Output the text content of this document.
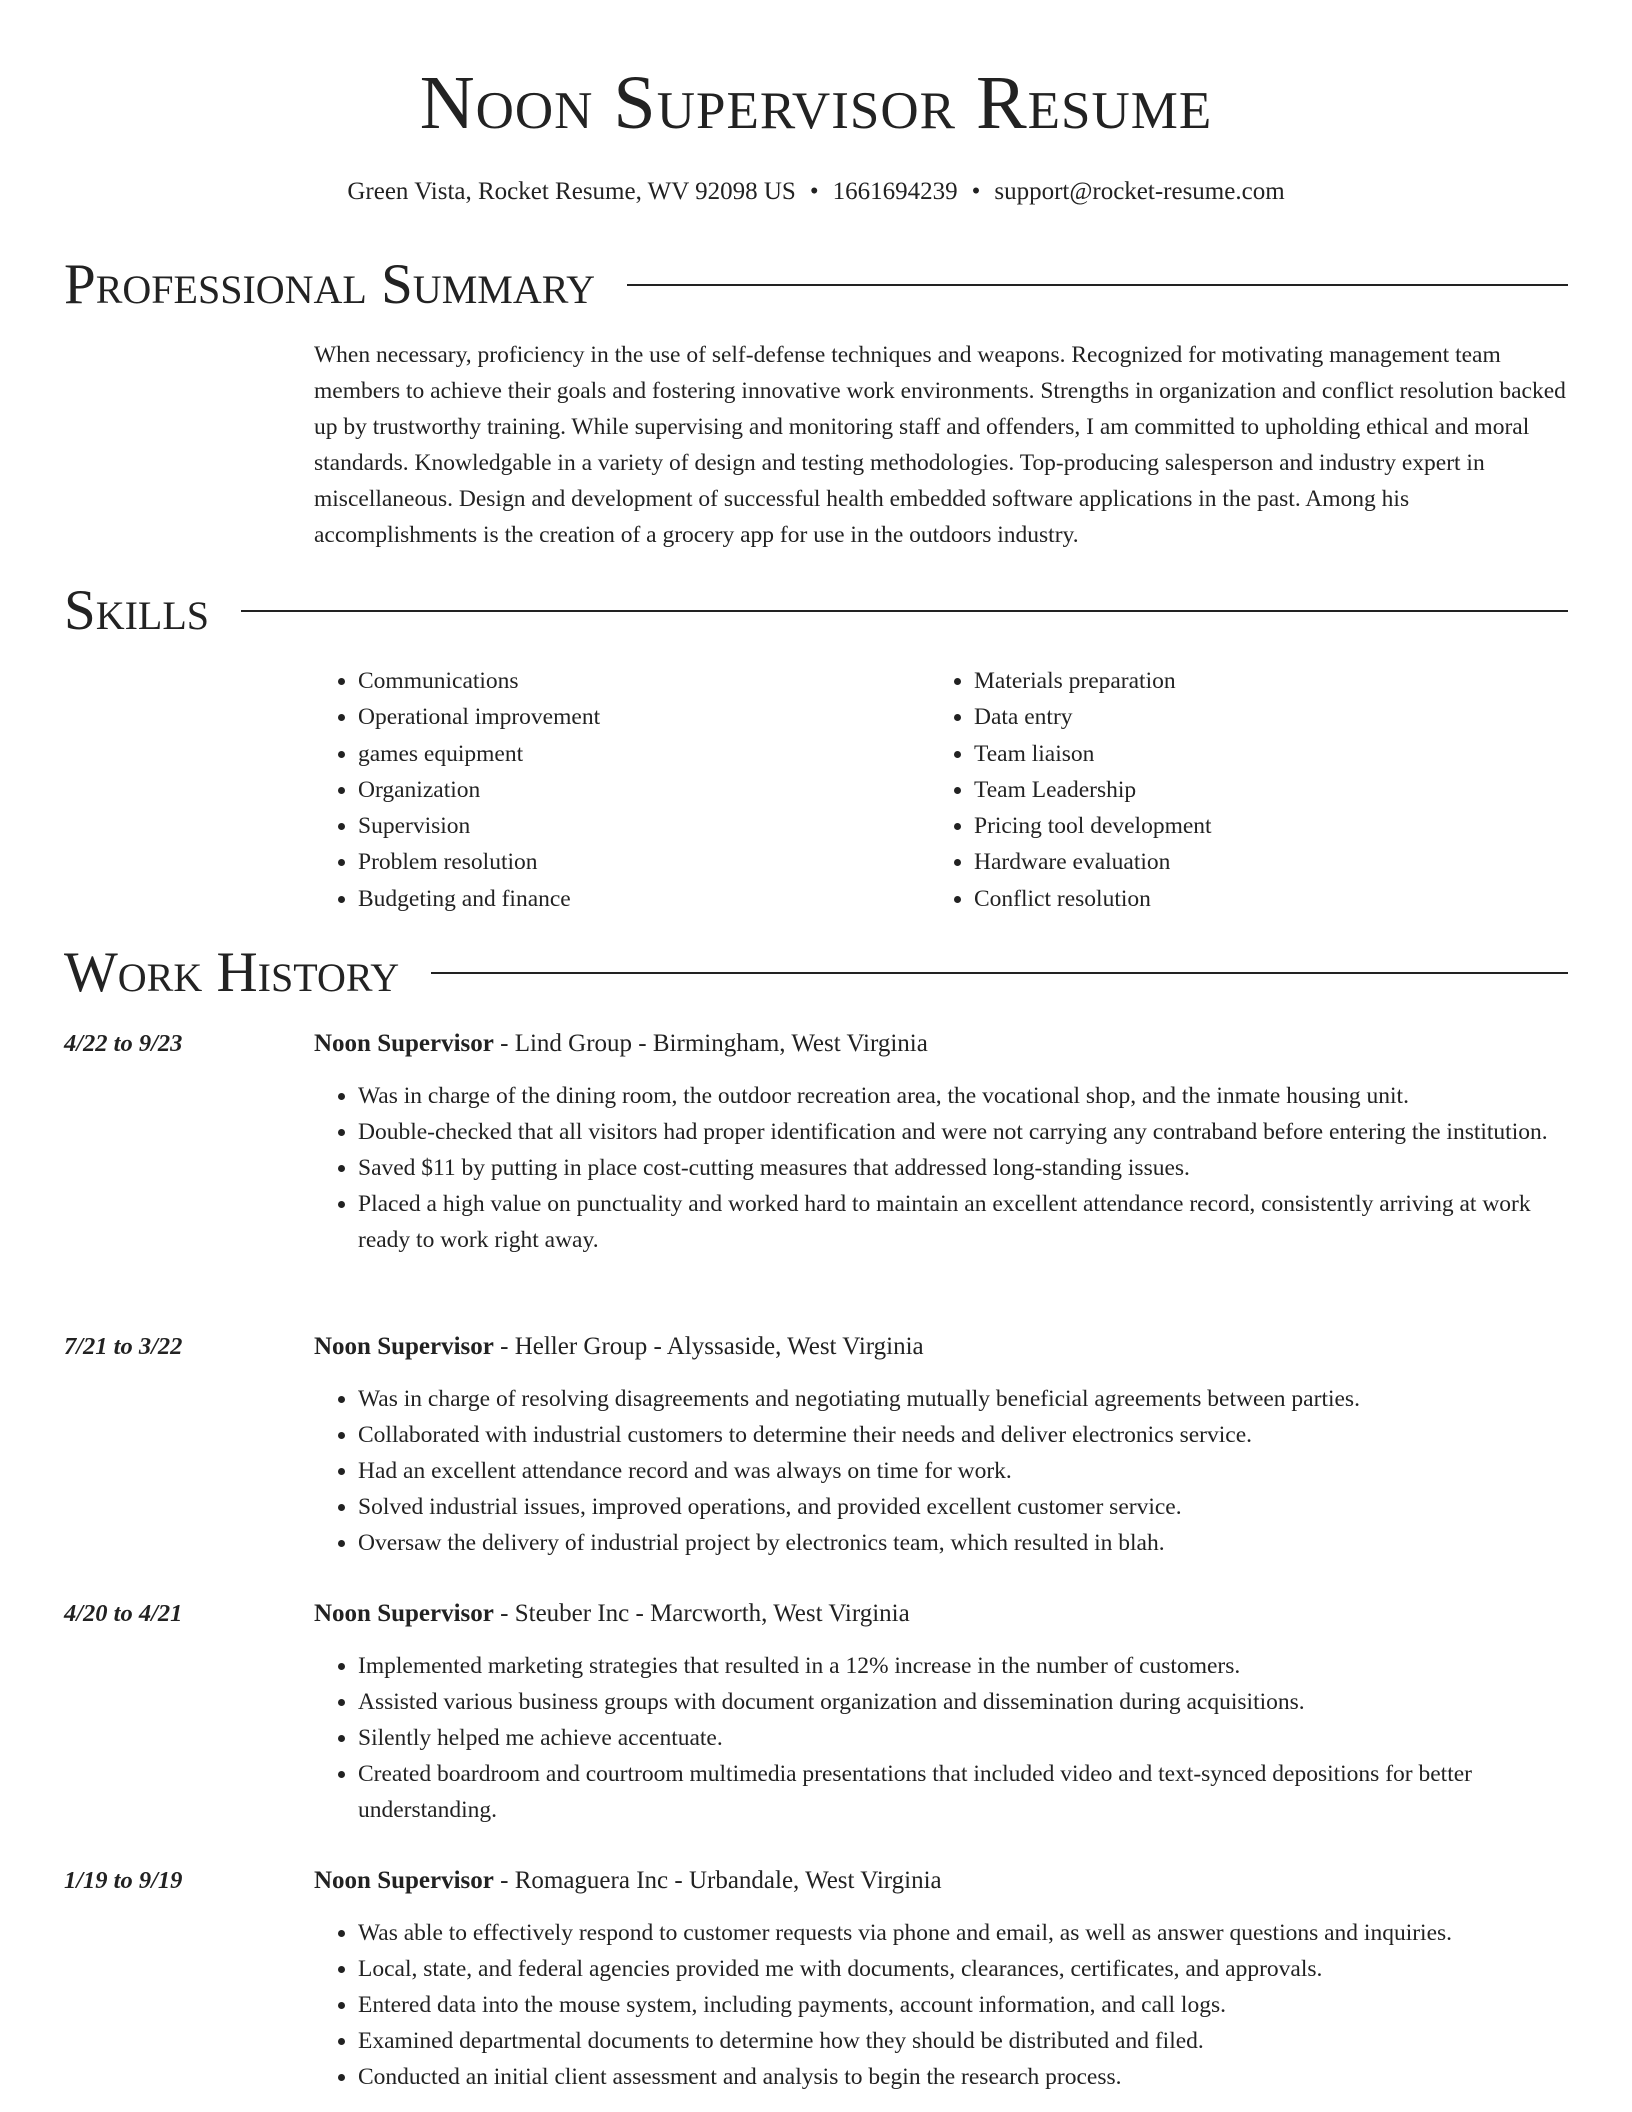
Noon Supervisor Resume
Green Vista, Rocket Resume, WV 92098 US • 1661694239 • support@rocket-resume.com
Professional Summary

When necessary, proficiency in the use of self-defense techniques and weapons. Recognized for motivating management team members to achieve their goals and fostering innovative work environments. Strengths in organization and conflict resolution backed up by trustworthy training. While supervising and monitoring staff and offenders, I am committed to upholding ethical and moral standards. Knowledgable in a variety of design and testing methodologies. Top-producing salesperson and industry expert in miscellaneous. Design and development of successful health embedded software applications in the past. Among his accomplishments is the creation of a grocery app for use in the outdoors industry.

Skills
• Communications
• Operational improvement
• games equipment
• Organization
• Supervision
• Problem resolution
• Budgeting and finance
• Materials preparation
• Data entry
• Team liaison
• Team Leadership
• Pricing tool development
• Hardware evaluation
• Conflict resolution
Work History
4/22 to 9/23	Noon Supervisor - Lind Group - Birmingham, West Virginia
• Was in charge of the dining room, the outdoor recreation area, the vocational shop, and the inmate housing unit.
• Double-checked that all visitors had proper identification and were not carrying any contraband before entering the institution.
• Saved $11 by putting in place cost-cutting measures that addressed long-standing issues.
• Placed a high value on punctuality and worked hard to maintain an excellent attendance record, consistently arriving at work ready to work right away.
7/21 to 3/22	Noon Supervisor - Heller Group - Alyssaside, West Virginia
• Was in charge of resolving disagreements and negotiating mutually beneficial agreements between parties.
• Collaborated with industrial customers to determine their needs and deliver electronics service.
• Had an excellent attendance record and was always on time for work.
• Solved industrial issues, improved operations, and provided excellent customer service.
• Oversaw the delivery of industrial project by electronics team, which resulted in blah.
4/20 to 4/21	Noon Supervisor - Steuber Inc - Marcworth, West Virginia
• Implemented marketing strategies that resulted in a 12% increase in the number of customers.
• Assisted various business groups with document organization and dissemination during acquisitions.
• Silently helped me achieve accentuate.
• Created boardroom and courtroom multimedia presentations that included video and text-synced depositions for better understanding.
1/19 to 9/19	Noon Supervisor - Romaguera Inc - Urbandale, West Virginia
• Was able to effectively respond to customer requests via phone and email, as well as answer questions and inquiries.
• Local, state, and federal agencies provided me with documents, clearances, certificates, and approvals.
• Entered data into the mouse system, including payments, account information, and call logs.
• Examined departmental documents to determine how they should be distributed and filed.
• Conducted an initial client assessment and analysis to begin the research process.
